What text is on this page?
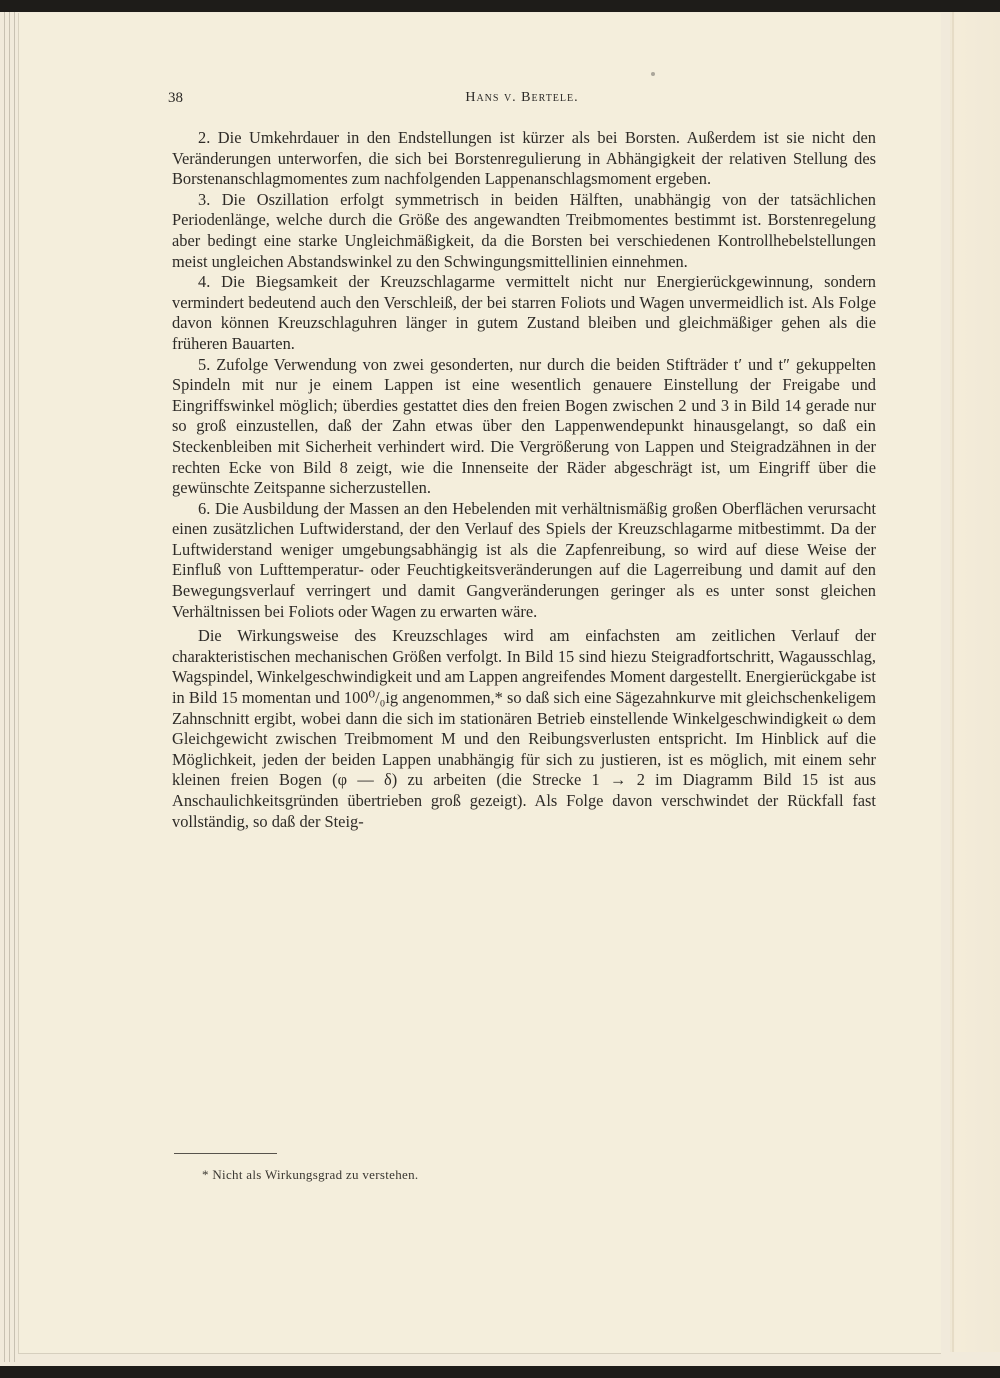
38	Hans v. Bertele.

2. Die Umkehrdauer in den Endstellungen ist kürzer als bei Borsten. Außerdem ist sie nicht den Veränderungen unterworfen, die sich bei Borstenregulierung in Abhängigkeit der relativen Stellung des Borstenanschlagmomentes zum nachfolgenden Lappenanschlagsmoment ergeben.

3. Die Oszillation erfolgt symmetrisch in beiden Hälften, unabhängig von der tatsächlichen Periodenlänge, welche durch die Größe des angewandten Treibmomentes bestimmt ist. Borstenregelung aber bedingt eine starke Ungleichmäßigkeit, da die Borsten bei verschiedenen Kontrollhebelstellungen meist ungleichen Abstandswinkel zu den Schwingungsmittellinien einnehmen.

4. Die Biegsamkeit der Kreuzschlagarme vermittelt nicht nur Energierückgewinnung, sondern vermindert bedeutend auch den Verschleiß, der bei starren Foliots und Wagen unvermeidlich ist. Als Folge davon können Kreuzschlaguhren länger in gutem Zustand bleiben und gleichmäßiger gehen als die früheren Bauarten.

5. Zufolge Verwendung von zwei gesonderten, nur durch die beiden Stifträder t′ und t″ gekuppelten Spindeln mit nur je einem Lappen ist eine wesentlich genauere Einstellung der Freigabe und Eingriffswinkel möglich; überdies gestattet dies den freien Bogen zwischen 2 und 3 in Bild 14 gerade nur so groß einzustellen, daß der Zahn etwas über den Lappenwendepunkt hinausgelangt, so daß ein Steckenbleiben mit Sicherheit verhindert wird. Die Vergrößerung von Lappen und Steigradzähnen in der rechten Ecke von Bild 8 zeigt, wie die Innenseite der Räder abgeschrägt ist, um Eingriff über die gewünschte Zeitspanne sicherzustellen.

6. Die Ausbildung der Massen an den Hebelenden mit verhältnismäßig großen Oberflächen verursacht einen zusätzlichen Luftwiderstand, der den Verlauf des Spiels der Kreuzschlagarme mitbestimmt. Da der Luftwiderstand weniger umgebungsabhängig ist als die Zapfenreibung, so wird auf diese Weise der Einfluß von Lufttemperatur- oder Feuchtigkeitsveränderungen auf die Lagerreibung und damit auf den Bewegungsverlauf verringert und damit Gangveränderungen geringer als es unter sonst gleichen Verhältnissen bei Foliots oder Wagen zu erwarten wäre.

Die Wirkungsweise des Kreuzschlages wird am einfachsten am zeitlichen Verlauf der charakteristischen mechanischen Größen verfolgt. In Bild 15 sind hiezu Steigradfortschritt, Wagausschlag, Wagspindel, Winkelgeschwindigkeit und am Lappen angreifendes Moment dargestellt. Energierückgabe ist in Bild 15 momentan und 100⁰/₀ig angenommen,* so daß sich eine Sägezahnkurve mit gleichschenkeligem Zahnschnitt ergibt, wobei dann die sich im stationären Betrieb einstellende Winkelgeschwindigkeit ω dem Gleichgewicht zwischen Treibmoment M und den Reibungsverlusten entspricht. Im Hinblick auf die Möglichkeit, jeden der beiden Lappen unabhängig für sich zu justieren, ist es möglich, mit einem sehr kleinen freien Bogen (φ — δ) zu arbeiten (die Strecke 1 → 2 im Diagramm Bild 15 ist aus Anschaulichkeitsgründen übertrieben groß gezeigt). Als Folge davon verschwindet der Rückfall fast vollständig, so daß der Steig-

* Nicht als Wirkungsgrad zu verstehen.
